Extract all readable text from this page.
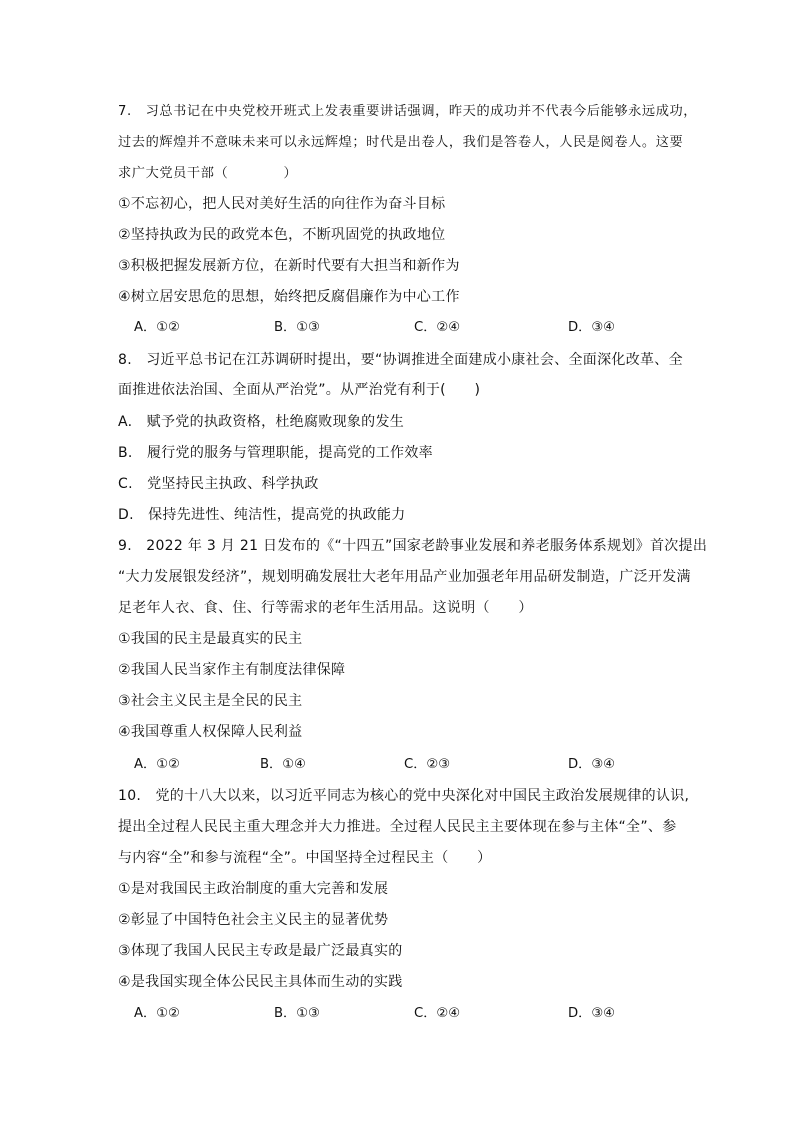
7.　习总书记在中央党校开班式上发表重要讲话强调，昨天的成功并不代表今后能够永远成功，
过去的辉煌并不意味未来可以永远辉煌；时代是出卷人，我们是答卷人，人民是阅卷人。这要
求广大党员干部（　　　　）
①不忘初心，把人民对美好生活的向往作为奋斗目标
②坚持执政为民的政党本色，不断巩固党的执政地位
③积极把握发展新方位，在新时代要有大担当和新作为
④树立居安思危的思想，始终把反腐倡廉作为中心工作
A．①②	B．①③	C．②④	D．③④
8.　习近平总书记在江苏调研时提出，要“协调推进全面建成小康社会、全面深化改革、全
面推进依法治国、全面从严治党”。从严治党有利于(　　)
A.　赋予党的执政资格，杜绝腐败现象的发生
B.　履行党的服务与管理职能，提高党的工作效率
C.　党坚持民主执政、科学执政
D.　保持先进性、纯洁性，提高党的执政能力
9.　2022 年 3 月 21 日发布的《“十四五”国家老龄事业发展和养老服务体系规划》首次提出
“大力发展银发经济”，规划明确发展壮大老年用品产业加强老年用品研发制造，广泛开发满
足老年人衣、食、住、行等需求的老年生活用品。这说明（　　）
①我国的民主是最真实的民主
②我国人民当家作主有制度法律保障
③社会主义民主是全民的民主
④我国尊重人权保障人民利益
A．①②	B．①④	C．②③	D．③④
10.　党的十八大以来，以习近平同志为核心的党中央深化对中国民主政治发展规律的认识,
提出全过程人民民主重大理念并大力推进。全过程人民民主主要体现在参与主体“全”、参
与内容“全”和参与流程“全”。中国坚持全过程民主（　　）
①是对我国民主政治制度的重大完善和发展
②彰显了中国特色社会主义民主的显著优势
③体现了我国人民民主专政是最广泛最真实的
④是我国实现全体公民民主具体而生动的实践
A．①②	B．①③	C．②④	D．③④
